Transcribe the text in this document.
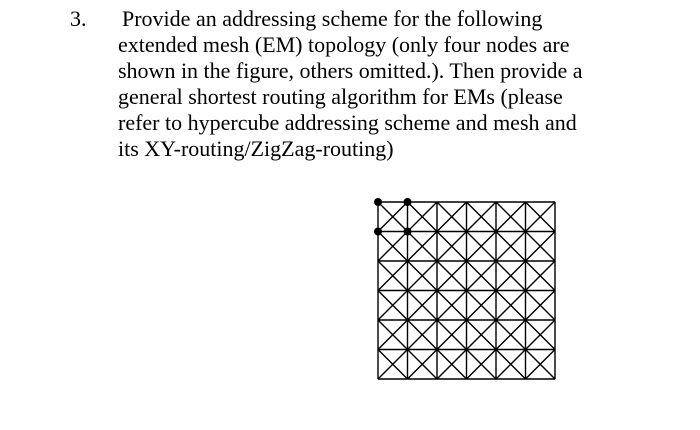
3. Provide an addressing scheme for the following
extended mesh (EM) topology (only four nodes are
shown in the figure, others omitted.). Then provide a
general shortest routing algorithm for EMs (please
refer to hypercube addressing scheme and mesh and
its XY-routing/ZigZag-routing)
